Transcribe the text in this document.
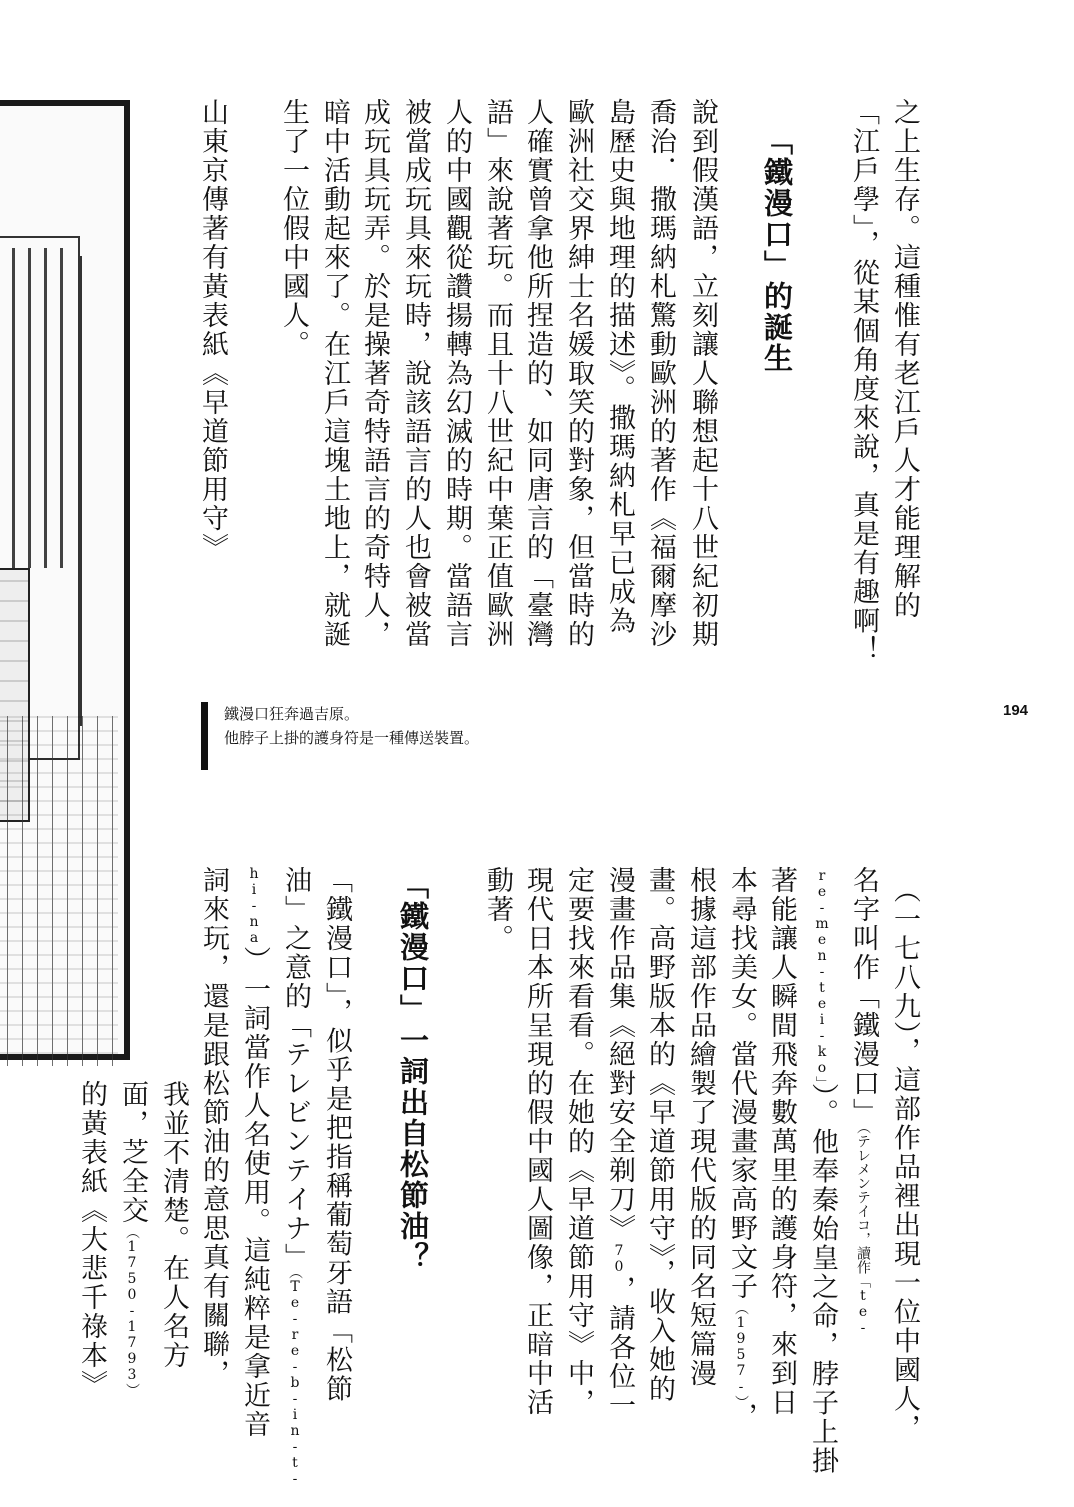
之上生存。這種惟有老江戶人才能理解的
「江戶學」，從某個角度來說，真是有趣啊！
「鐵漫口」的誕生
說到假漢語，立刻讓人聯想起十八世紀初期
喬治．撒瑪納札驚動歐洲的著作《福爾摩沙
島歷史與地理的描述》。撒瑪納札早已成為
歐洲社交界紳士名媛取笑的對象，但當時的
人確實曾拿他所捏造的、如同唐言的「臺灣
語」來說著玩。而且十八世紀中葉正值歐洲
人的中國觀從讚揚轉為幻滅的時期。當語言
被當成玩具來玩時，說該語言的人也會被當
成玩具玩弄。於是操著奇特語言的奇特人，
暗中活動起來了。在江戶這塊土地上，就誕
生了一位假中國人。
山東京傳著有黃表紙《早道節用守》
鐵漫口狂奔過吉原。
他脖子上掛的護身符是一種傳送裝置。
194
（一七八九），這部作品裡出現一位中國人，
名字叫作「鐵漫口」（テレメンテイコ，讀作「te-
re-men-tei-ko」）。他奉秦始皇之命，脖子上掛
著能讓人瞬間飛奔數萬里的護身符，來到日
本尋找美女。當代漫畫家高野文子（1957-），
根據這部作品繪製了現代版的同名短篇漫
畫。高野版本的《早道節用守》，收入她的
漫畫作品集《絕對安全剃刀》70，請各位一
定要找來看看。在她的《早道節用守》中，
現代日本所呈現的假中國人圖像，正暗中活
動著。
「鐵漫口」一詞出自松節油？
「鐵漫口」，似乎是把指稱葡萄牙語「松節
油」之意的「テレビンテイナ」（Te-re-b-in-t-
hi-na）一詞當作人名使用。這純粹是拿近音
詞來玩，還是跟松節油的意思真有關聯，
我並不清楚。在人名方
面，芝全交（1750-1793）
的黃表紙《大悲千祿本》
